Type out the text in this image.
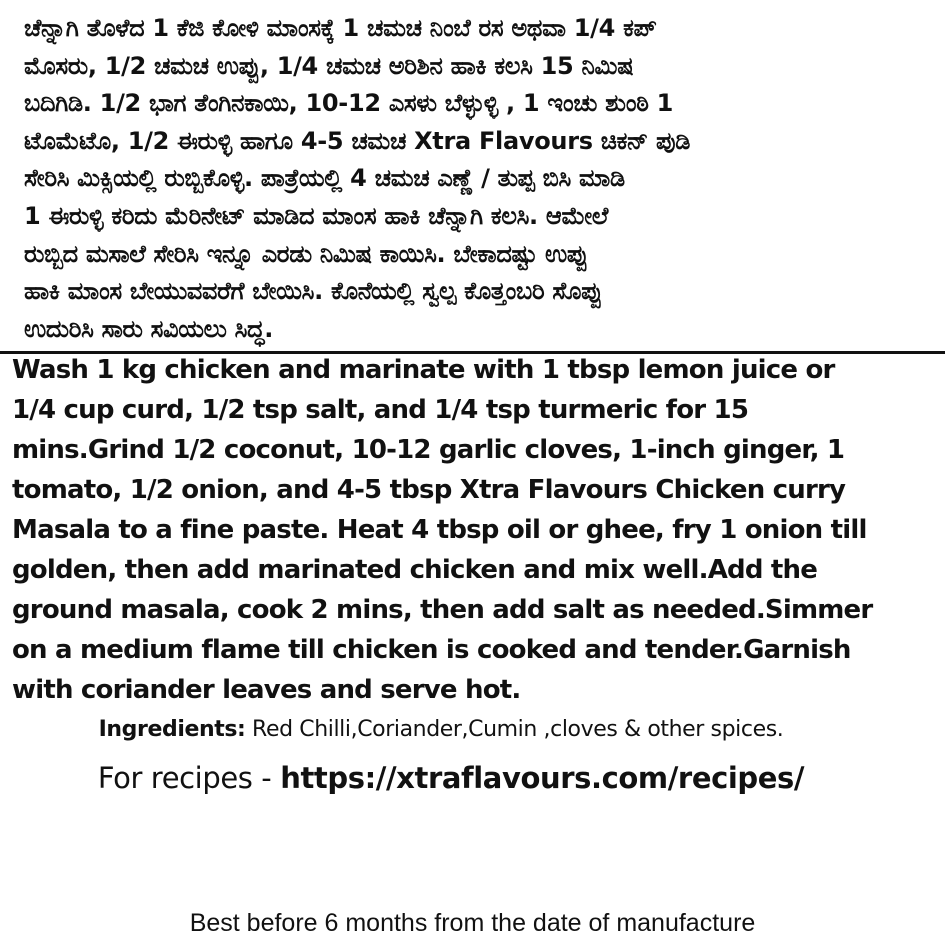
ಚೆನ್ನಾಗಿ ತೊಳೆದ 1 ಕೆಜಿ ಕೋಳಿ ಮಾಂಸಕ್ಕೆ 1 ಚಮಚ ನಿಂಬೆ ರಸ ಅಥವಾ 1/4 ಕಪ್
ಮೊಸರು, 1/2 ಚಮಚ ಉಪ್ಪು, 1/4 ಚಮಚ ಅರಿಶಿನ ಹಾಕಿ ಕಲಸಿ 15 ನಿಮಿಷ
ಬದಿಗಿಡಿ. 1/2 ಭಾಗ ತೆಂಗಿನಕಾಯಿ, 10-12 ಎಸಳು ಬೆಳ್ಳುಳ್ಳಿ , 1 ಇಂಚು ಶುಂಠಿ 1
ಟೊಮೆಟೊ, 1/2 ಈರುಳ್ಳಿ ಹಾಗೂ 4-5 ಚಮಚ Xtra Flavours ಚಿಕನ್ ಪುಡಿ
ಸೇರಿಸಿ ಮಿಕ್ಸಿಯಲ್ಲಿ ರುಬ್ಬಿಕೊಳ್ಳಿ. ಪಾತ್ರೆಯಲ್ಲಿ 4 ಚಮಚ ಎಣ್ಣೆ / ತುಪ್ಪ ಬಿಸಿ ಮಾಡಿ
1 ಈರುಳ್ಳಿ ಕರಿದು ಮೆರಿನೇಟ್ ಮಾಡಿದ ಮಾಂಸ ಹಾಕಿ ಚೆನ್ನಾಗಿ ಕಲಸಿ. ಆಮೇಲೆ
ರುಬ್ಬಿದ ಮಸಾಲೆ ಸೇರಿಸಿ ಇನ್ನೂ ಎರಡು ನಿಮಿಷ ಕಾಯಿಸಿ. ಬೇಕಾದಷ್ಟು ಉಪ್ಪು
ಹಾಕಿ ಮಾಂಸ ಬೇಯುವವರೆಗೆ ಬೇಯಿಸಿ. ಕೊನೆಯಲ್ಲಿ ಸ್ವಲ್ಪ ಕೊತ್ತಂಬರಿ ಸೊಪ್ಪು
ಉದುರಿಸಿ ಸಾರು ಸವಿಯಲು ಸಿದ್ಧ.

Wash 1 kg chicken and marinate with 1 tbsp lemon juice or
1/4 cup curd, 1/2 tsp salt, and 1/4 tsp turmeric for 15
mins.Grind 1/2 coconut, 10-12 garlic cloves, 1-inch ginger, 1
tomato, 1/2 onion, and 4-5 tbsp Xtra Flavours Chicken curry
Masala to a fine paste. Heat 4 tbsp oil or ghee, fry 1 onion till
golden, then add marinated chicken and mix well.Add the
ground masala, cook 2 mins, then add salt as needed.Simmer
on a medium flame till chicken is cooked and tender.Garnish
with coriander leaves and serve hot.

Ingredients: Red Chilli,Coriander,Cumin ,cloves & other spices.

For recipes - https://xtraflavours.com/recipes/

Best before 6 months from the date of manufacture
